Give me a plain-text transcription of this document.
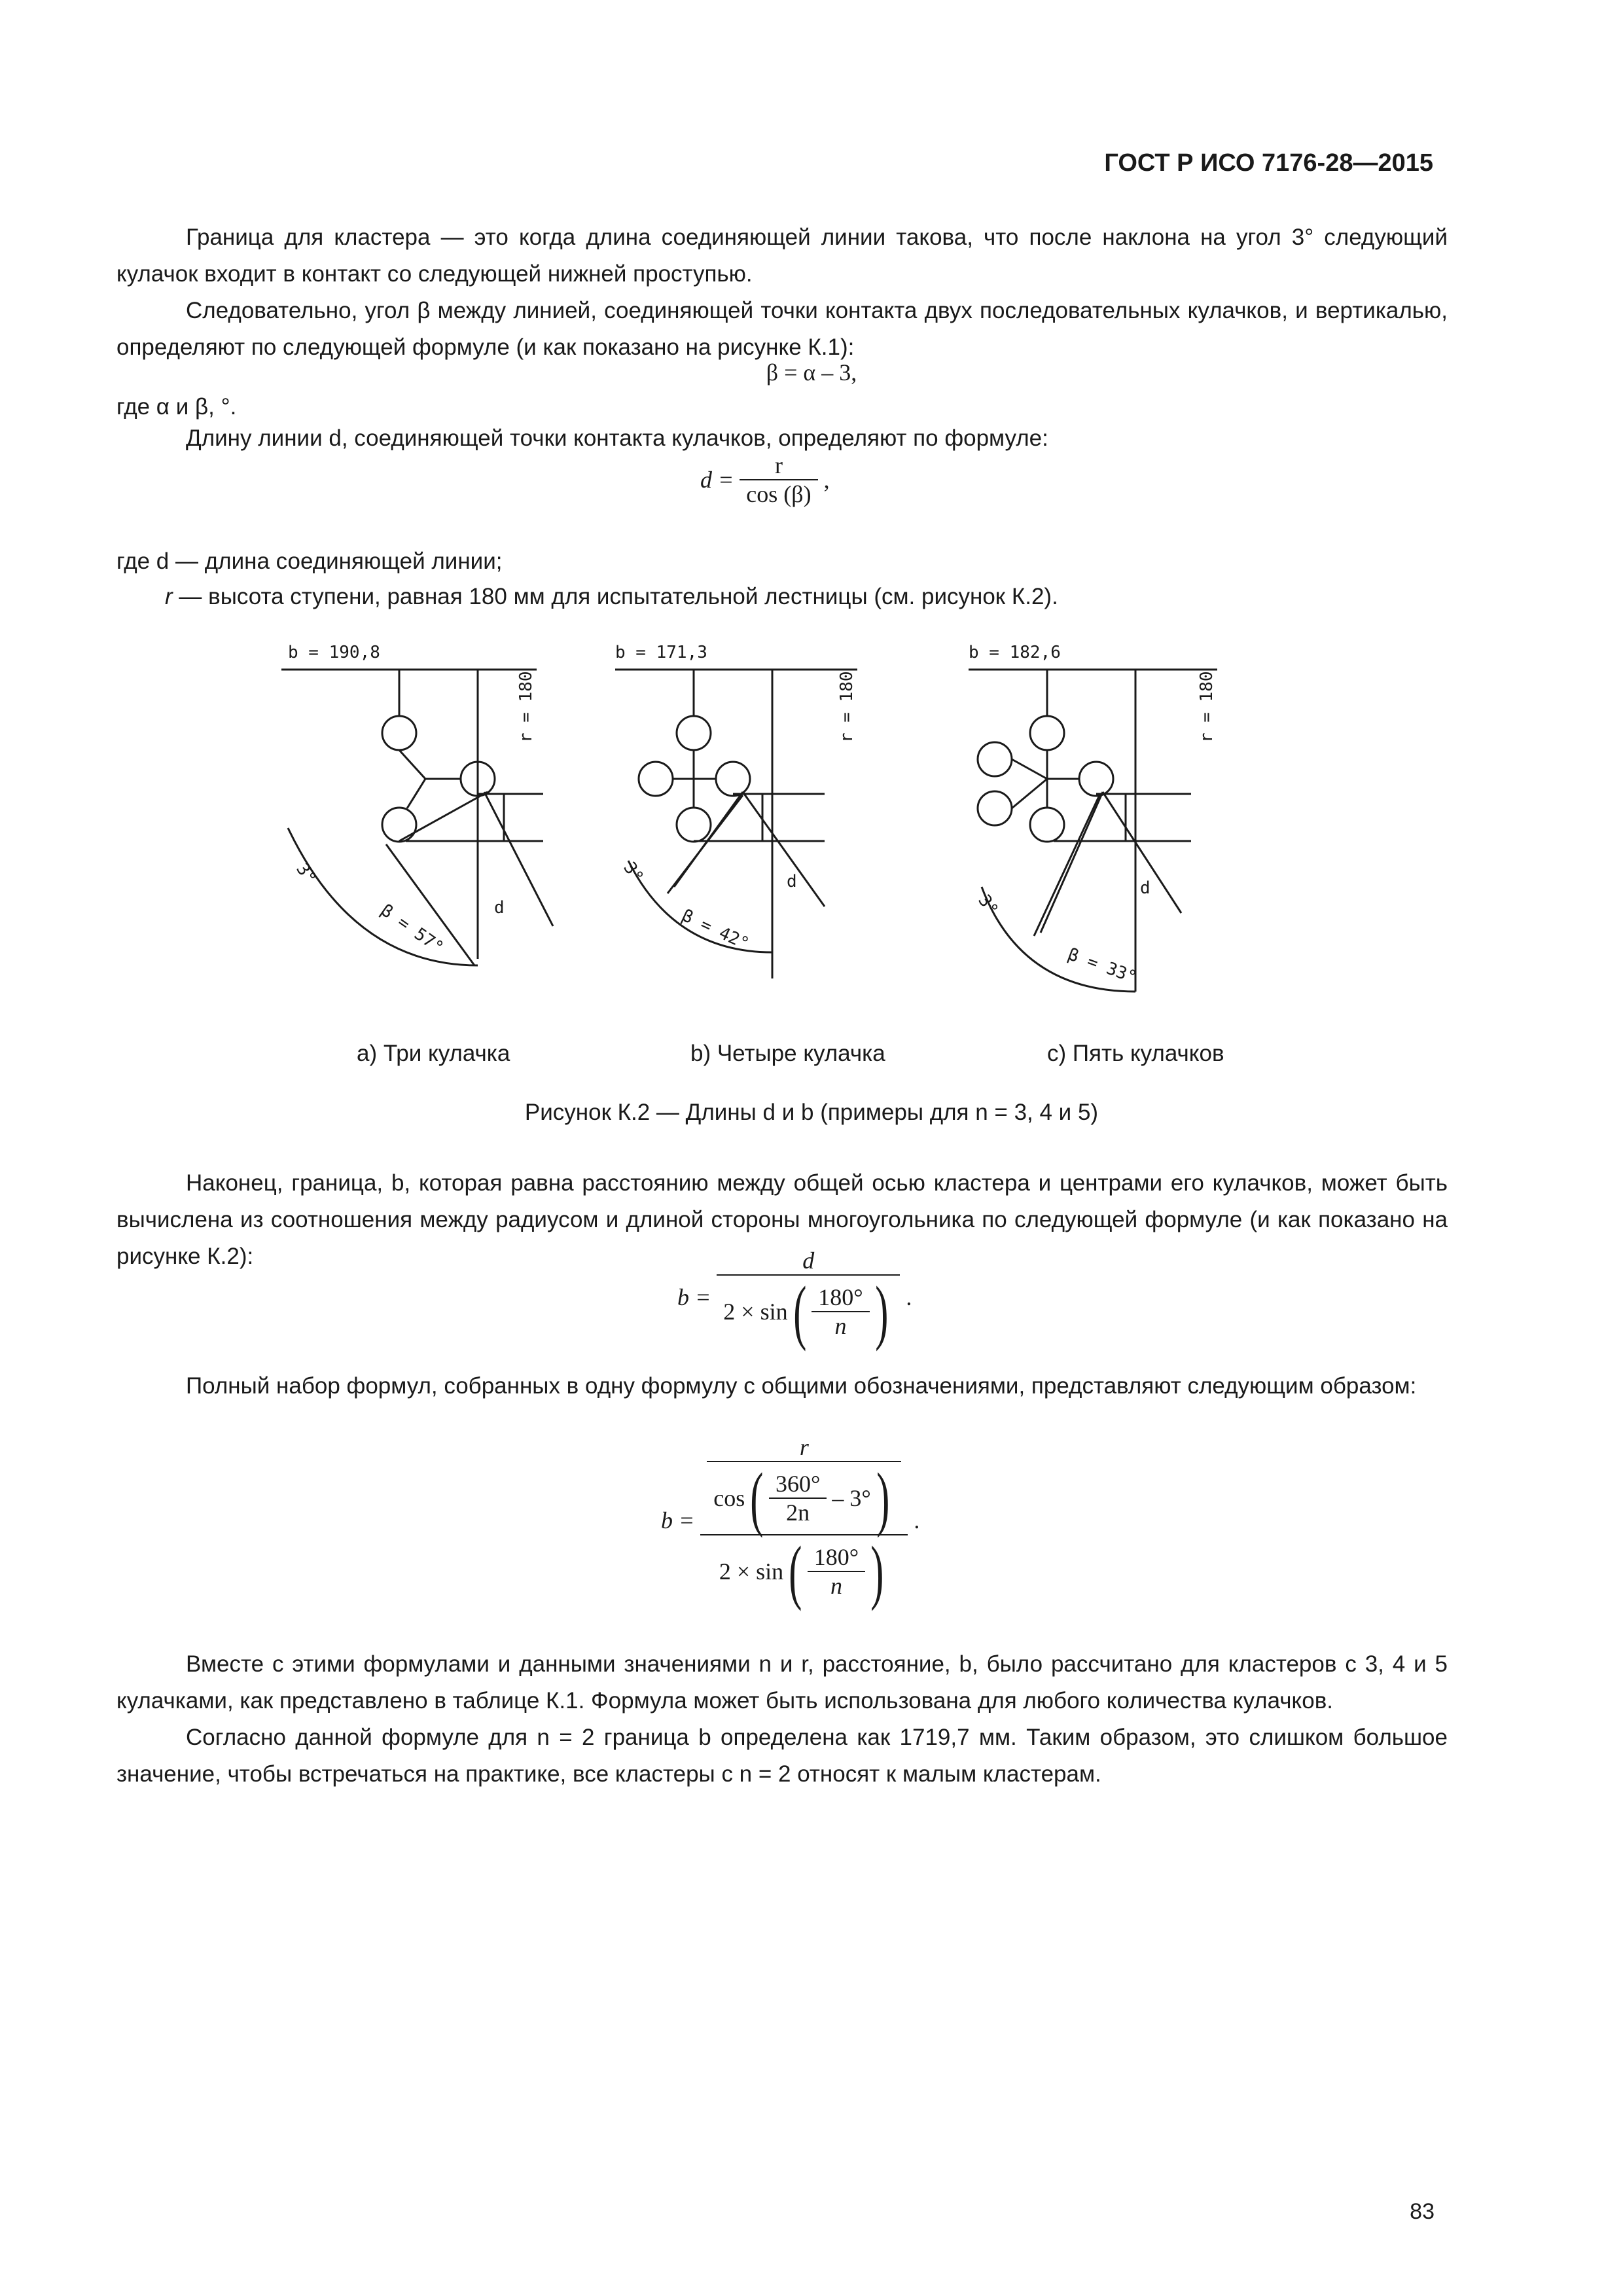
ГОСТ Р ИСО 7176-28—2015

Граница для кластера — это когда длина соединяющей линии такова, что после наклона на угол 3° следующий кулачок входит в контакт со следующей нижней проступью.

Следовательно, угол β между линией, соединяющей точки контакта двух последовательных кулачков, и вертикалью, определяют по следующей формуле (и как показано на рисунке К.1):

β = α – 3,
где α и β, °.

Длину линии d, соединяющей точки контакта кулачков, определяют по формуле:

$d = \frac{r}{\cos (\beta)}$ ,
где d — длина соединяющей линии;
r — высота ступени, равная 180 мм для испытательной лестницы (см. рисунок К.2).
b = 190,8
r = 180
3°
β = 57°	d
b = 171,3
r = 180
3°
β = 42°
d
b = 182,6
r = 180
3°
β = 33°
d
а) Три кулачка	b) Четыре кулачка	с) Пять кулачков
Рисунок К.2 — Длины d и b (примеры для n = 3, 4 и 5)

Наконец, граница, b, которая равна расстоянию между общей осью кластера и центрами его кулачков, может быть вычислена из соотношения между радиусом и длиной стороны многоугольника по следующей формуле (и как показано на рисунке К.2):

b =
d
2 × sin ( $\frac{180^\circ}{n}$ ) .

Полный набор формул, собранных в одну формулу с общими обозначениями, представляют следующим образом:

b =
r
cos ( $\frac{360^\circ}{2n} - 3^\circ$ )
2 × sin ( $\frac{180^\circ}{n}$ )
.

Вместе с этими формулами и данными значениями n и r, расстояние, b, было рассчитано для кластеров с 3, 4 и 5 кулачками, как представлено в таблице К.1. Формула может быть использована для любого количества кулачков.

Согласно данной формуле для n = 2 граница b определена как 1719,7 мм. Таким образом, это слишком большое значение, чтобы встречаться на практике, все кластеры с n = 2 относят к малым кластерам.

83
